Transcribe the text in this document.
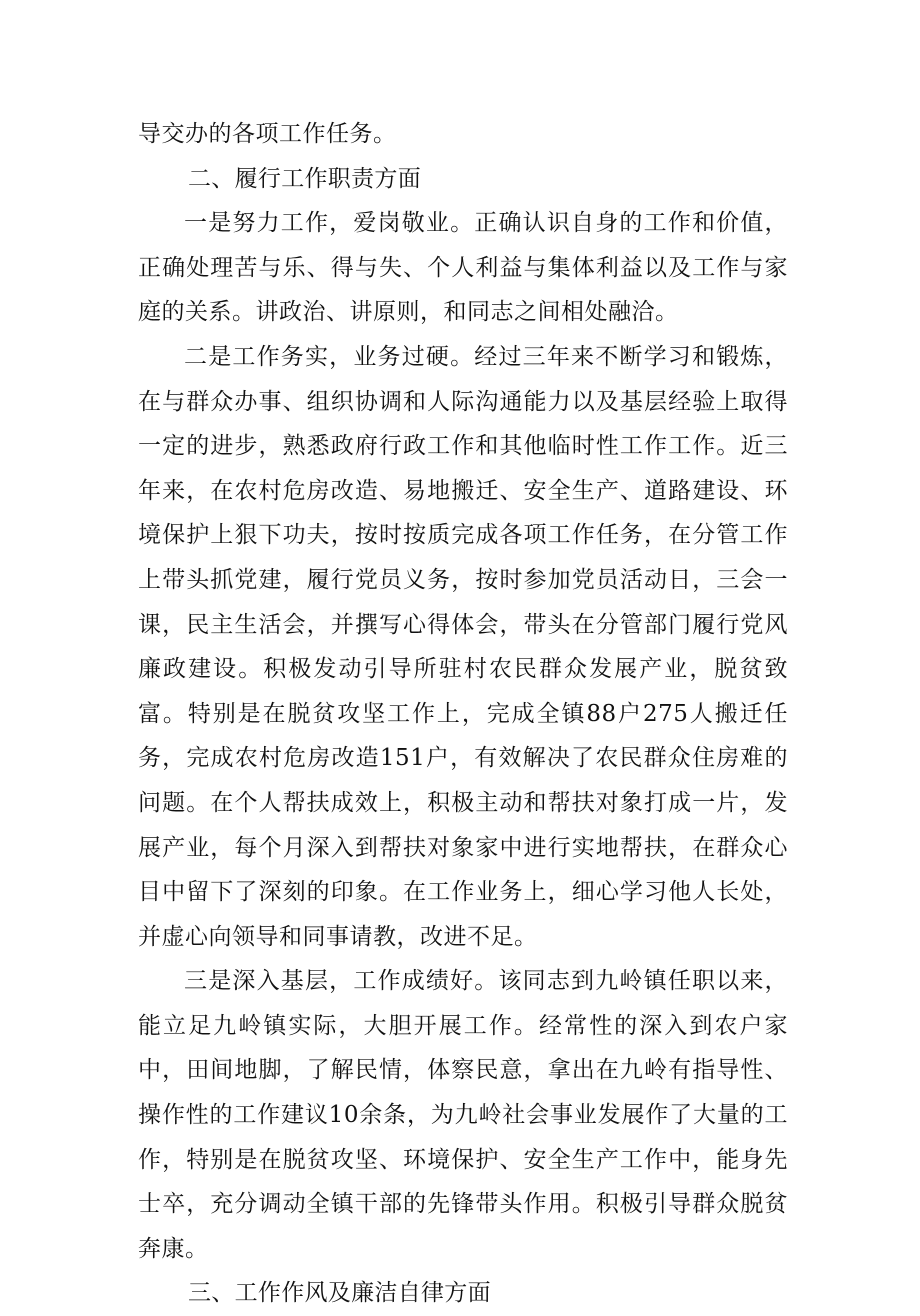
导交办的各项工作任务。

二、履行工作职责方面

一是努力工作，爱岗敬业。正确认识自身的工作和价值，正确处理苦与乐、得与失、个人利益与集体利益以及工作与家庭的关系。讲政治、讲原则，和同志之间相处融洽。

二是工作务实，业务过硬。经过三年来不断学习和锻炼，在与群众办事、组织协调和人际沟通能力以及基层经验上取得一定的进步，熟悉政府行政工作和其他临时性工作工作。近三年来，在农村危房改造、易地搬迁、安全生产、道路建设、环境保护上狠下功夫，按时按质完成各项工作任务，在分管工作上带头抓党建，履行党员义务，按时参加党员活动日，三会一课，民主生活会，并撰写心得体会，带头在分管部门履行党风廉政建设。积极发动引导所驻村农民群众发展产业，脱贫致富。特别是在脱贫攻坚工作上，完成全镇88户275人搬迁任务，完成农村危房改造151户，有效解决了农民群众住房难的问题。在个人帮扶成效上，积极主动和帮扶对象打成一片，发展产业，每个月深入到帮扶对象家中进行实地帮扶，在群众心目中留下了深刻的印象。在工作业务上，细心学习他人长处，并虚心向领导和同事请教，改进不足。

三是深入基层，工作成绩好。该同志到九岭镇任职以来，能立足九岭镇实际，大胆开展工作。经常性的深入到农户家中，田间地脚，了解民情，体察民意，拿出在九岭有指导性、操作性的工作建议10余条，为九岭社会事业发展作了大量的工作，特别是在脱贫攻坚、环境保护、安全生产工作中，能身先士卒，充分调动全镇干部的先锋带头作用。积极引导群众脱贫奔康。

三、工作作风及廉洁自律方面
